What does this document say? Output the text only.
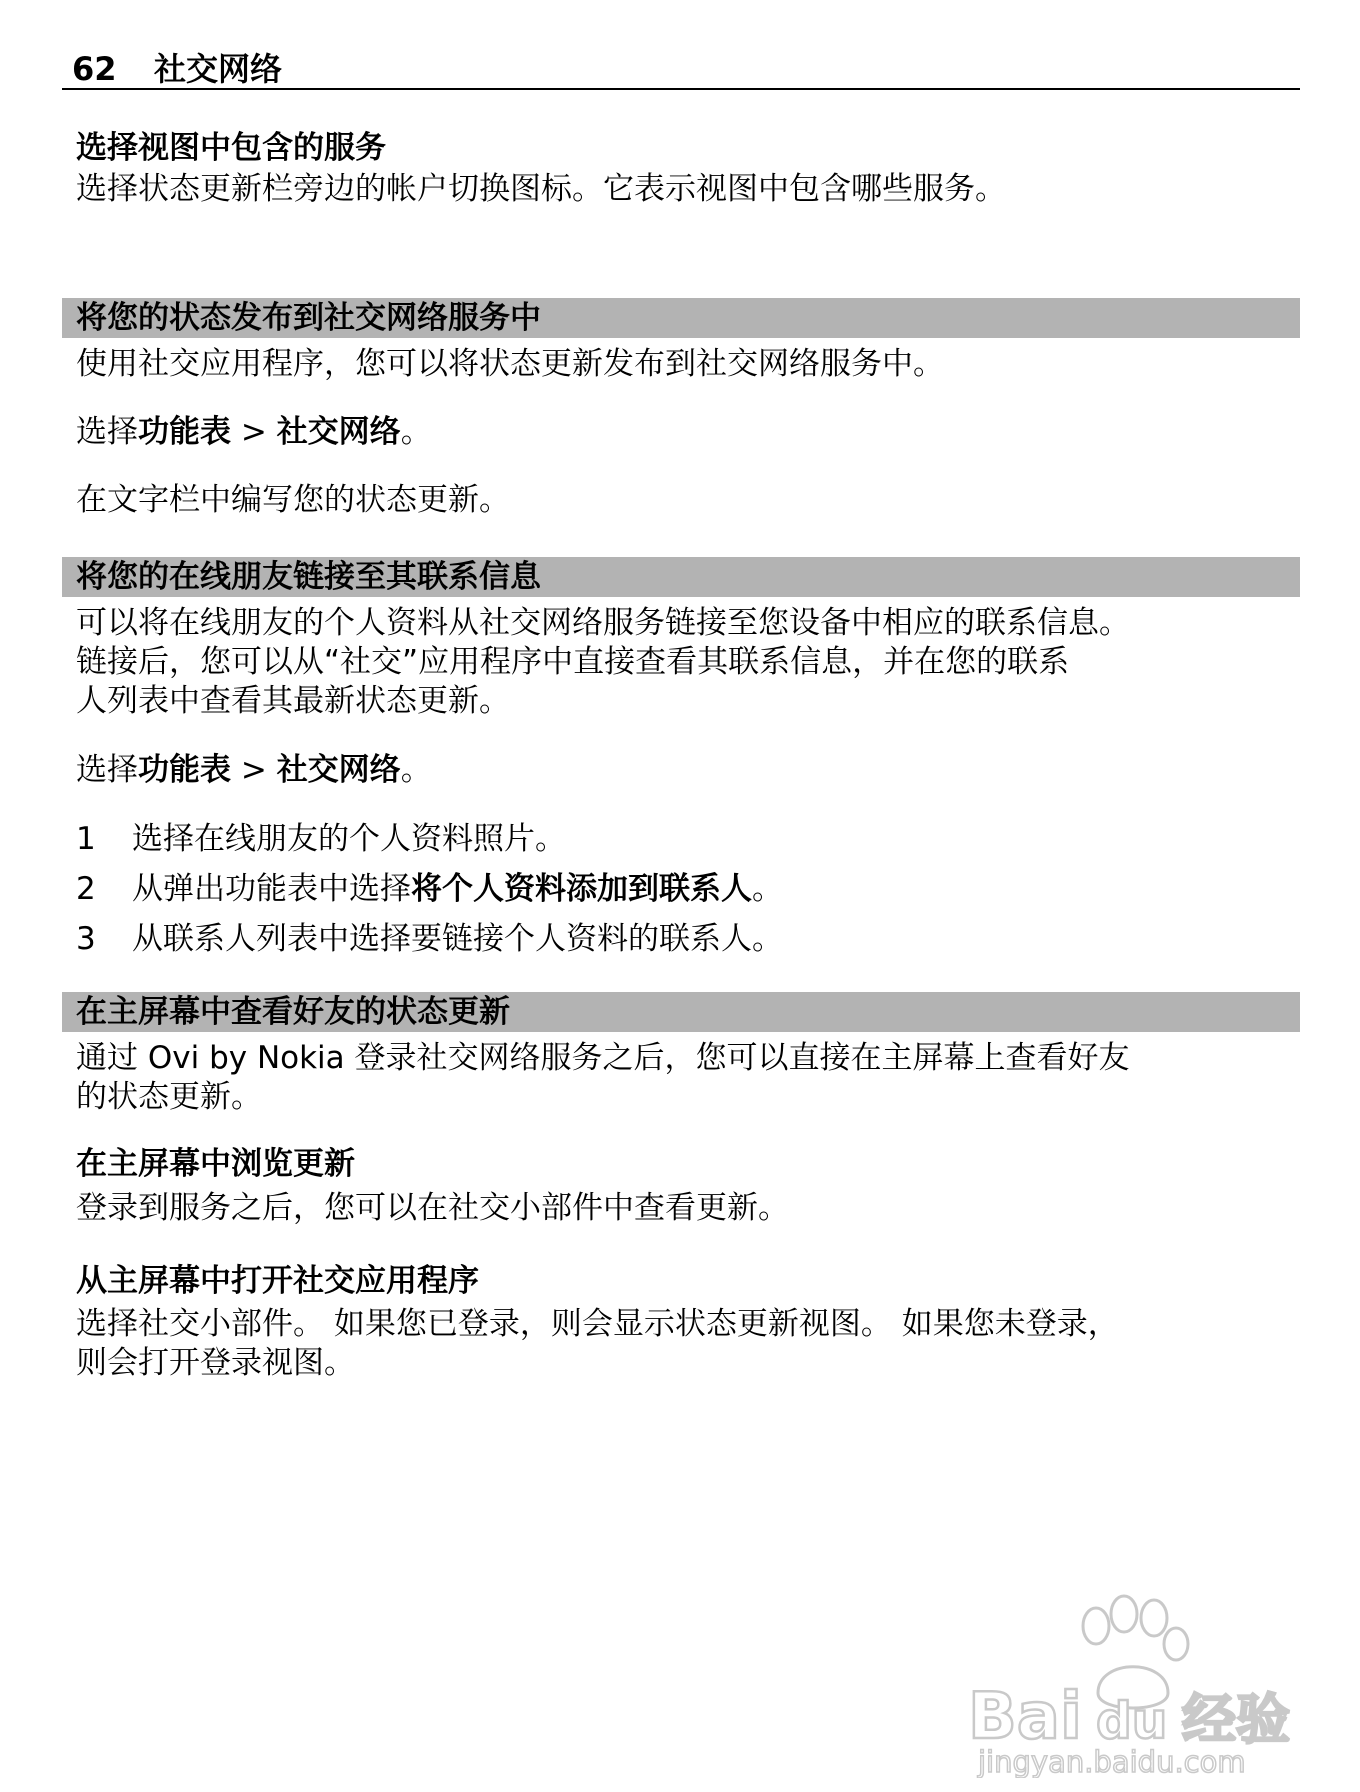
62 社交网络
选择视图中包含的服务
选择状态更新栏旁边的帐户切换图标。它表示视图中包含哪些服务。
将您的状态发布到社交网络服务中
使用社交应用程序，您可以将状态更新发布到社交网络服务中。
选择功能表 > 社交网络。
在文字栏中编写您的状态更新。
将您的在线朋友链接至其联系信息
可以将在线朋友的个人资料从社交网络服务链接至您设备中相应的联系信息。
链接后，您可以从“社交”应用程序中直接查看其联系信息，并在您的联系
人列表中查看其最新状态更新。
选择功能表 > 社交网络。
1 选择在线朋友的个人资料照片。
2 从弹出功能表中选择将个人资料添加到联系人。
3 从联系人列表中选择要链接个人资料的联系人。
在主屏幕中查看好友的状态更新
通过 Ovi by Nokia 登录社交网络服务之后，您可以直接在主屏幕上查看好友
的状态更新。
在主屏幕中浏览更新
登录到服务之后，您可以在社交小部件中查看更新。
从主屏幕中打开社交应用程序
选择社交小部件。 如果您已登录，则会显示状态更新视图。 如果您未登录，
则会打开登录视图。
Bai du 经验
jingyan.baidu.com
